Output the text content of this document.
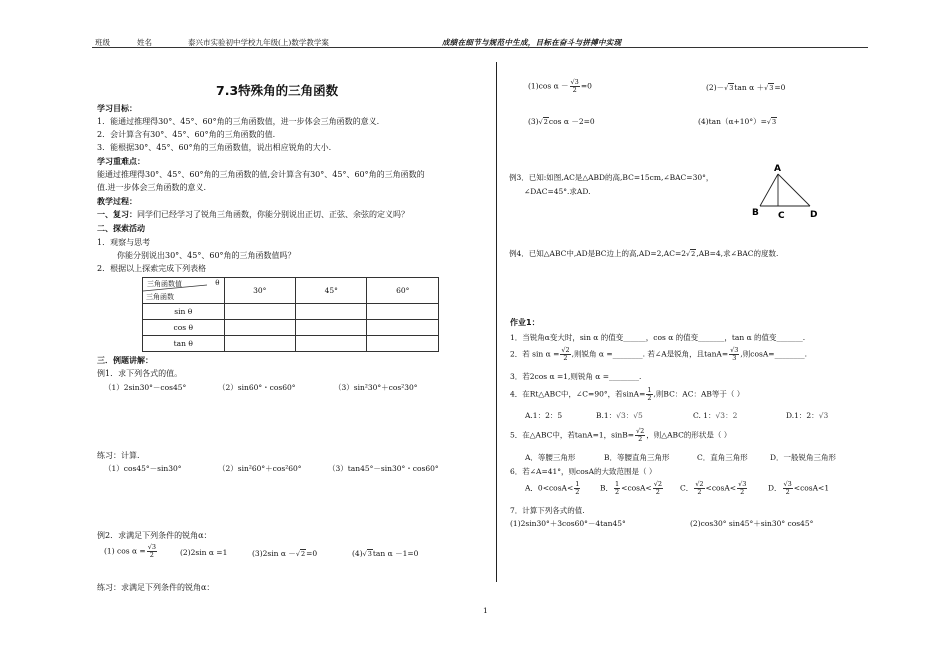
班级	姓名	泰兴市实验初中学校九年级(上)数学教学案	成绩在细节与规范中生成，目标在奋斗与拼搏中实现
7.3特殊角的三角函数
学习目标：
1．能通过推理得30°、45°、60°角的三角函数值，进一步体会三角函数的意义.
2．会计算含有30°、45°、60°角的三角函数的值.
3．能根据30°、45°、60°角的三角函数值，说出相应锐角的大小.
学习重难点：
能通过推理得30°、45°、60°角的三角函数的值,会计算含有30°、45°、60°角的三角函数的
值.进一步体会三角函数的意义.
教学过程：
一、复习：同学们已经学习了锐角三角函数，你能分别说出正切、正弦、余弦的定义吗？
二、探索活动
1．观察与思考
你能分别说出30°、45°、60°角的三角函数值吗？
2．根据以上探索完成下列表格
三角函数值 θ
三角函数	30°	45°	60°
sin θ			
cos θ			
tan θ			
三．例题讲解：
例1．求下列各式的值。
（1）2sin30°－cos45°	（2）sin60°・cos60°	（3）sin²30°＋cos²30°
练习：计算.
（1）cos45°－sin30°	（2）sin²60°＋cos²60°	（3）tan45°－sin30°・cos60°
例2．求满足下列条件的锐角α：
(1) $\cos \alpha = \frac{√3}{2}$	(2)2sin α =1	(3)2sin α －√2=0	(4)√3tan α －1=0
练习：求满足下列条件的锐角α：
1
(1)cos $\alpha - \frac{√3}{2} =0$	(2)－√3tan α ＋√3=0
(3)√2cos α －2=0	(4)tan（α+10°）=√3
例3．已知:如图,AC是△ABD的高,BC=15cm,∠BAC=30°，
∠DAC=45°.求AD.
A
B C	D
例4．已知△ABC中,AD是BC边上的高,AD=2,AC=2√2,AB=4,求∠BAC的度数.
作业1：
1．当锐角α变大时，sin α 的值变______，cos α 的值变_______，tan α 的值变_______.
2．若 $\sin \alpha = \frac{√2}{2}$ ,则锐角 α =________. 若∠A是锐角，且$\tan A= \frac{√3}{3}$ ,则cosA=________.
3．若2cos α =1,则锐角 α =________.
4．在Rt△ABC中，∠C=90°，若$\sin A= \frac{1}{2}$ ,则BC：AC：AB等于（ ）
A.1：2：5	B.1：√3：√5	C. 1：√3：2	D.1：2：√3
5．在△ABC中，若tanA=1，$\sin B= \frac{√2}{2}$ ，则△ABC的形状是（ ）
A．等腰三角形	B．等腰直角三角形	C．直角三角形	D．一般锐角三角形
6．若∠A=41°，则cosA的大致范围是（ ）
A．$0<\cos A< \frac{1}{2}$	B． $\frac{1}{2} <\cos A< \frac{√2}{2}$ C． $\frac{√2}{2} <\cos A< \frac{√3}{2}$	D． $\frac{√3}{2} <\cos A<1$
7．计算下列各式的值.
(1)2sin30°＋3cos60°－4tan45°	(2)cos30° sin45°＋sin30° cos45°
